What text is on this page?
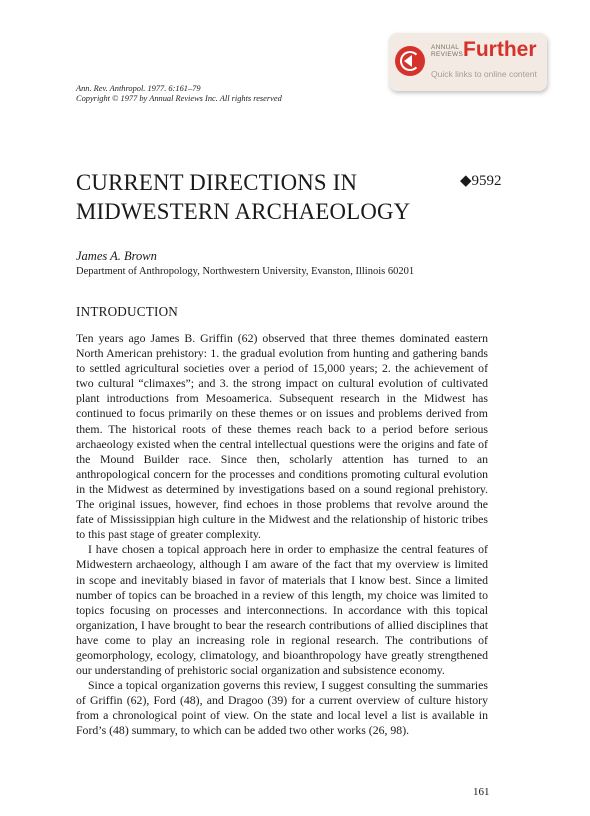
ANNUAL
REVIEWS Further
Quick links to online content
Ann. Rev. Anthropol. 1977. 6:161–79
Copyright © 1977 by Annual Reviews Inc. All rights reserved
CURRENT DIRECTIONS IN
MIDWESTERN ARCHAEOLOGY
◆9592
James A. Brown
Department of Anthropology, Northwestern University, Evanston, Illinois 60201
INTRODUCTION

Ten years ago James B. Griffin (62) observed that three themes dominated eastern North American prehistory: 1. the gradual evolution from hunting and gathering bands to settled agricultural societies over a period of 15,000 years; 2. the achievement of two cultural “climaxes”; and 3. the strong impact on cultural evolution of cultivated plant introductions from Mesoamerica. Subsequent research in the Midwest has continued to focus primarily on these themes or on issues and problems derived from them. The historical roots of these themes reach back to a period before serious archaeology existed when the central intellectual questions were the origins and fate of the Mound Builder race. Since then, scholarly attention has turned to an anthropological concern for the processes and conditions promoting cultural evolution in the Midwest as determined by investigations based on a sound regional prehistory. The original issues, however, find echoes in those problems that revolve around the fate of Mississippian high culture in the Midwest and the relationship of historic tribes to this past stage of greater complexity.

I have chosen a topical approach here in order to emphasize the central features of Midwestern archaeology, although I am aware of the fact that my overview is limited in scope and inevitably biased in favor of materials that I know best. Since a limited number of topics can be broached in a review of this length, my choice was limited to topics focusing on processes and interconnections. In accordance with this topical organization, I have brought to bear the research contributions of allied disciplines that have come to play an increasing role in regional research. The contributions of geomorphology, ecology, climatology, and bioanthropology have greatly strengthened our understanding of prehistoric social organization and subsistence economy.

Since a topical organization governs this review, I suggest consulting the summaries of Griffin (62), Ford (48), and Dragoo (39) for a current overview of culture history from a chronological point of view. On the state and local level a list is available in Ford’s (48) summary, to which can be added two other works (26, 98).

161
